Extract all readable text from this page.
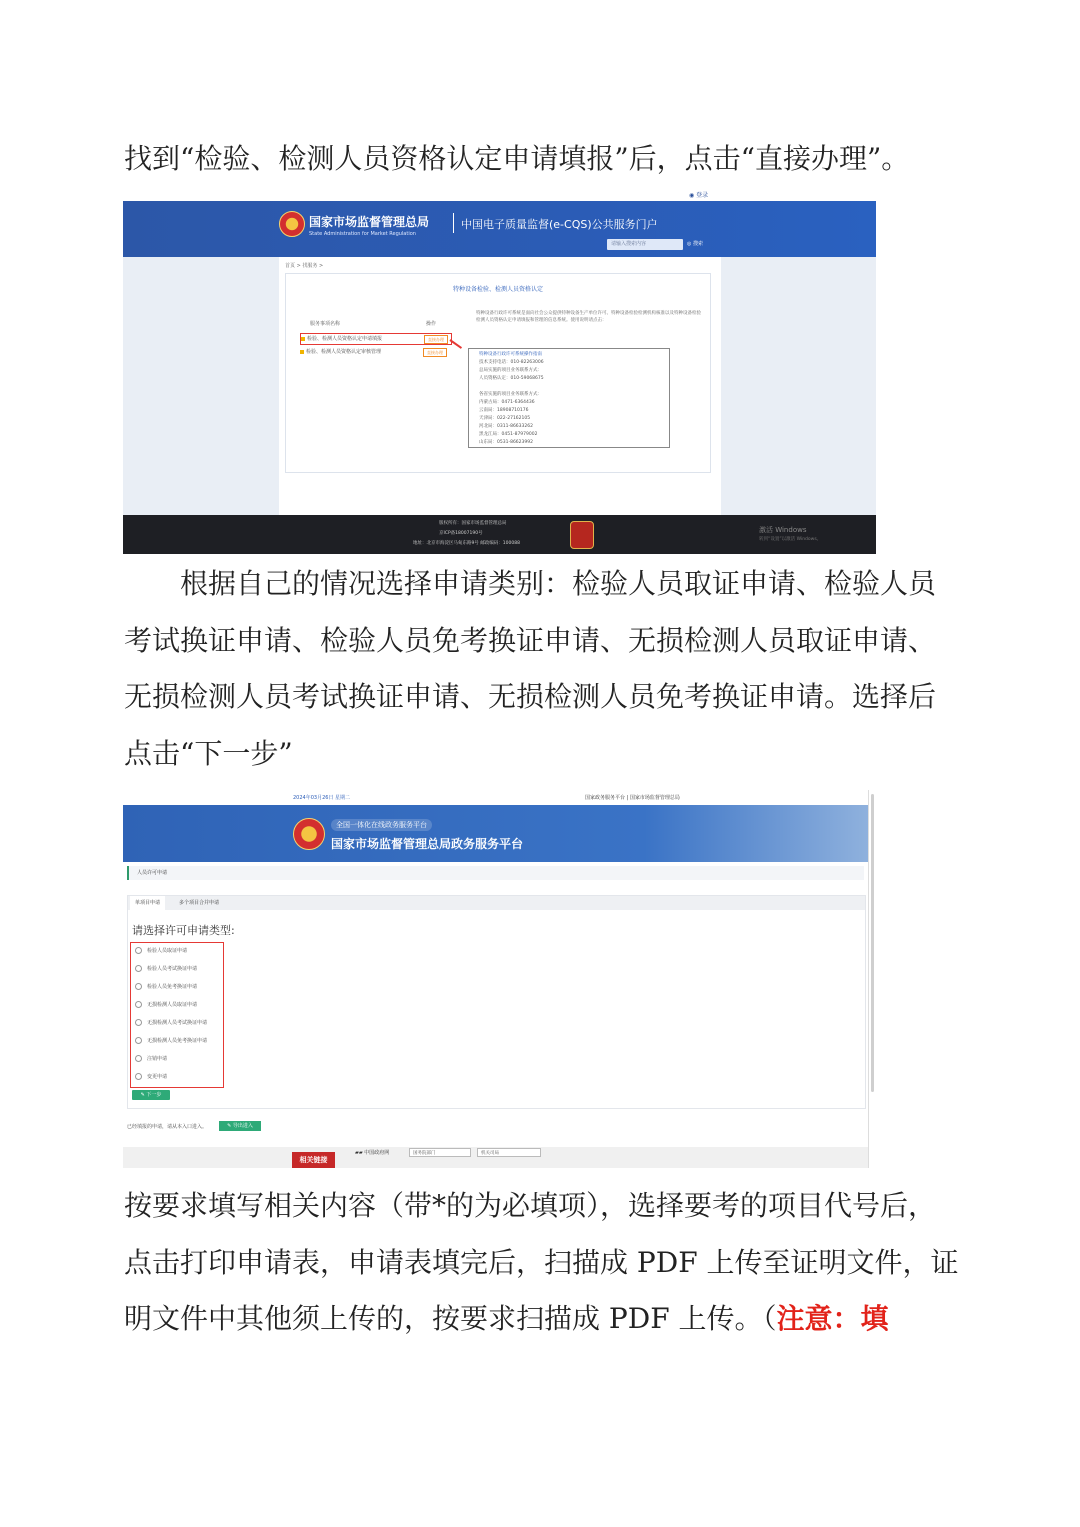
找到“检验、检测人员资格认定申请填报”后，点击“直接办理”。

◉ 登录
国家市场监督管理总局
State Administration for Market Regulation
中国电子质量监督(e-CQS)公共服务门户
请输入搜索内容	◎ 搜索
首页 > 找服务 >
特种设备检验、检测人员资格认定
服务事项名称	操作
检验、检测人员资格认定申请填报	直接办理
检验、检测人员资格认定审核管理	直接办理
特种设备行政许可系统是面向社会公众提供特种设备生产单位许可、特种设备检验检测机构核准以及特种设备检验检测人员资格认定申请填报和管理的信息系统。使用说明请点击：
特种设备行政许可系统操作指南
技术支持电话：010-82263006
总局实施的项目业务联系方式：
人员资格认定：010-59068675
各省实施的项目业务联系方式：
内蒙古局：0471-6364436
云南局：18908710176
天津局：022-27162105
河北局：0311-86633262
黑龙江局：0451-87979002
山东局：0531-86623992
版权所有：国家市场监督管理总局
京ICP备18007190号
地址：北京市海淀区马甸东路9号 邮政编码：100088
激活 Windows
转到“设置”以激活 Windows。

根据自己的情况选择申请类别：检验人员取证申请、检验人员考试换证申请、检验人员免考换证申请、无损检测人员取证申请、无损检测人员考试换证申请、无损检测人员免考换证申请。选择后点击“下一步”

2024年03月26日 星期二	国家政务服务平台 | 国家市场监督管理总局
全国一体化在线政务服务平台
国家市场监督管理总局政务服务平台
人员许可申请
单项目申请	多个项目合并申请
请选择许可申请类型:
检验人员取证申请
检验人员考试换证申请
检验人员免考换证申请
无损检测人员取证申请
无损检测人员考试换证申请
无损检测人员免考换证申请
注销申请
变更申请
✎ 下一步
已经填报的申请，请从本入口进入。	✎ 导出进入
相关链接
▰▰ 中国政府网	国务院部门	机关司局

按要求填写相关内容（带*的为必填项），选择要考的项目代号后，点击打印申请表，申请表填完后，扫描成 PDF 上传至证明文件，证明文件中其他须上传的，按要求扫描成 PDF 上传。（注意：填
